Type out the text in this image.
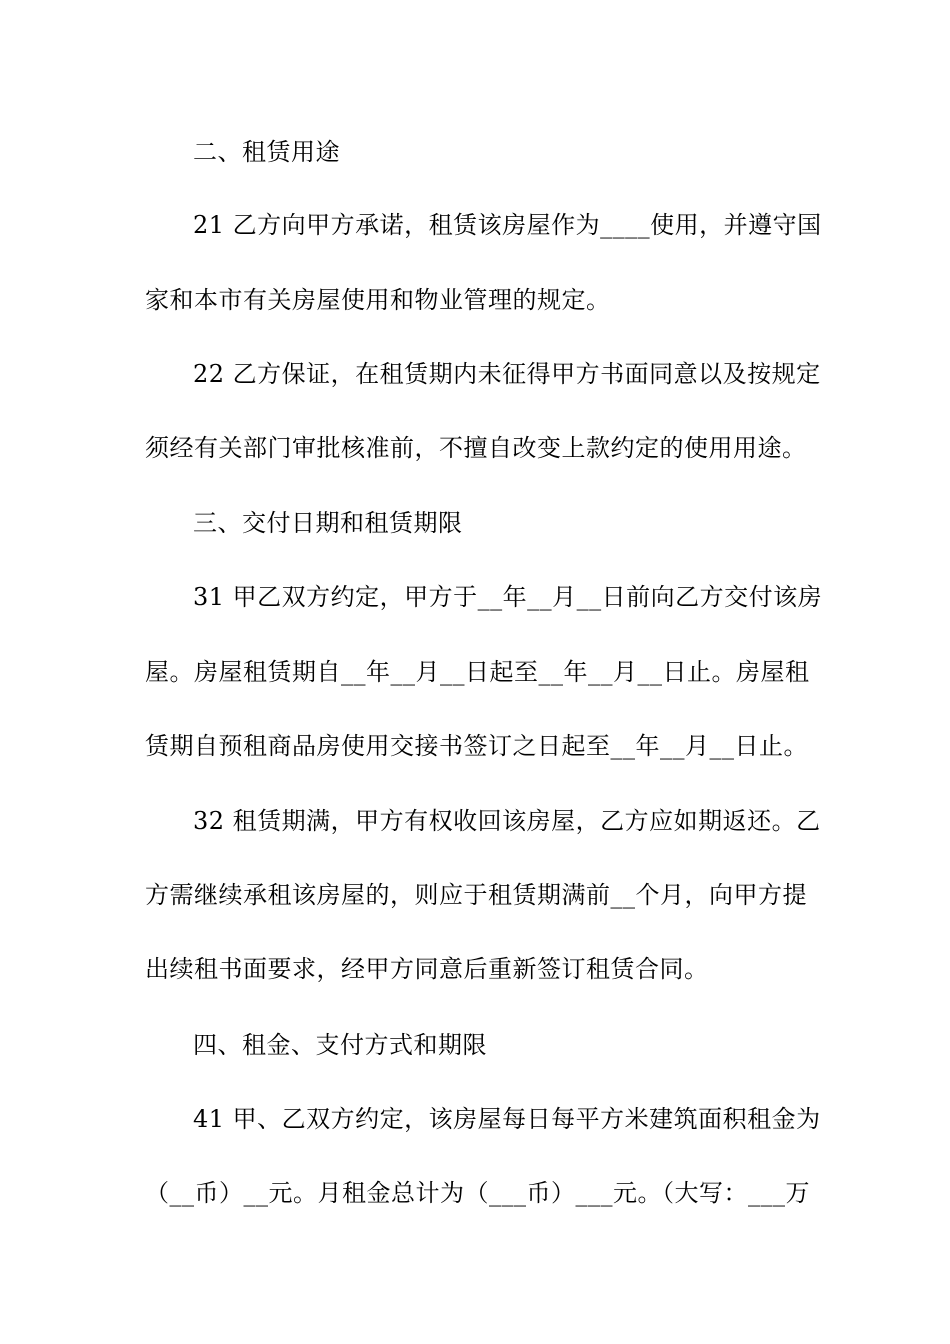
二、租赁用途
21 乙方向甲方承诺，租赁该房屋作为____使用，并遵守国
家和本市有关房屋使用和物业管理的规定。
22 乙方保证，在租赁期内未征得甲方书面同意以及按规定
须经有关部门审批核准前，不擅自改变上款约定的使用用途。
三、交付日期和租赁期限
31 甲乙双方约定，甲方于__年__月__日前向乙方交付该房
屋。房屋租赁期自__年__月__日起至__年__月__日止。房屋租
赁期自预租商品房使用交接书签订之日起至__年__月__日止。
32 租赁期满，甲方有权收回该房屋，乙方应如期返还。乙
方需继续承租该房屋的，则应于租赁期满前__个月，向甲方提
出续租书面要求，经甲方同意后重新签订租赁合同。
四、租金、支付方式和期限
41 甲、乙双方约定，该房屋每日每平方米建筑面积租金为
（__币）__元。月租金总计为（___币）___元。（大写：___万
